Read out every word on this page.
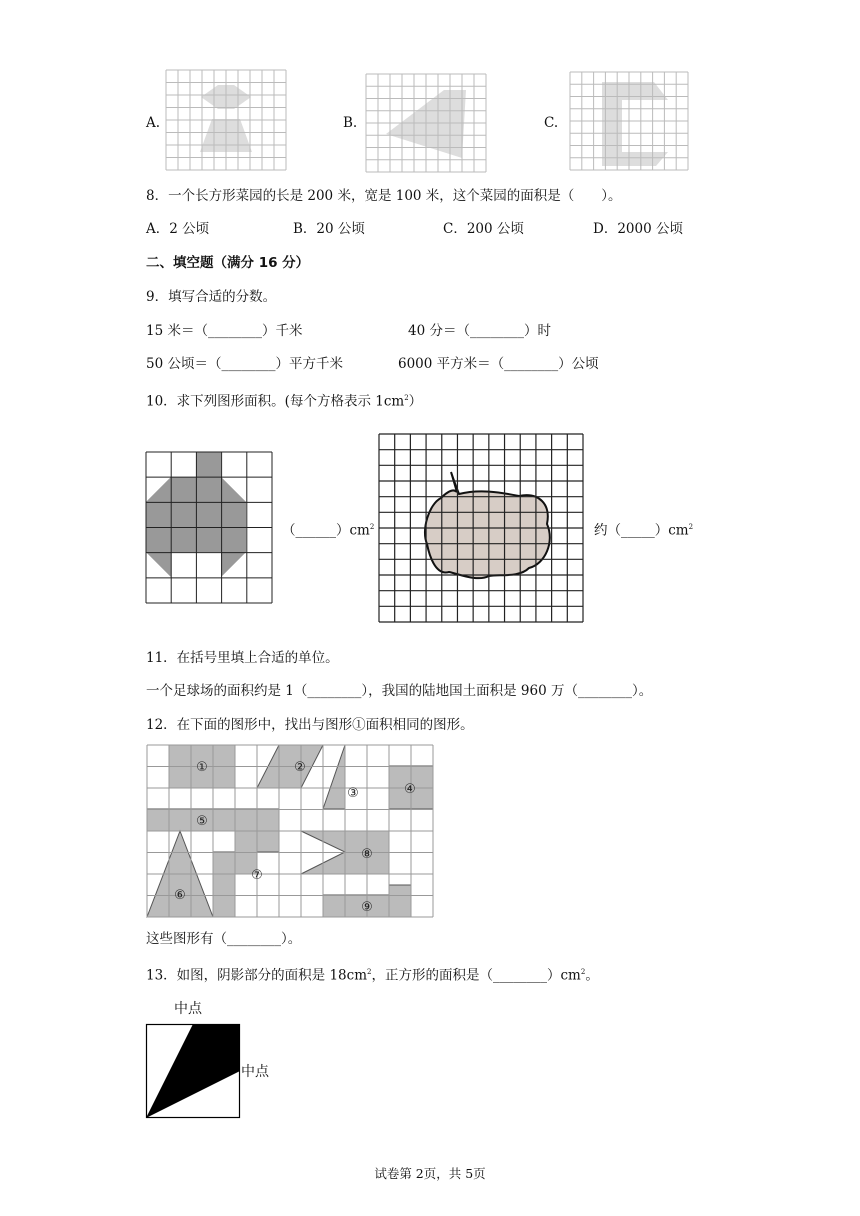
A.	B.	C.
8．一个长方形菜园的长是 200 米，宽是 100 米，这个菜园的面积是（　　）。
A．2 公顷	B．20 公顷	C．200 公顷	D．2000 公顷
二、填空题（满分 16 分）
9．填写合适的分数。
15 米＝（________）千米	40 分＝（________）时
50 公顷＝（________）平方千米	6000 平方米＝（________）公顷
10．求下列图形面积。(每个方格表示 $1cm^2$）
$(\_\_\_\_\_\_)cm^2$	约$(\_\_\_\_\_)cm^2$
11．在括号里填上合适的单位。
一个足球场的面积约是 1（________），我国的陆地国土面积是 960 万（________）。
12．在下面的图形中，找出与图形①面积相同的图形。
①	②
③	④
⑤
⑥
⑦
⑧
⑨
这些图形有（________）。
13．如图，阴影部分的面积是 $18cm^2$，正方形的面积是$(\_\_\_\_\_\_\_\_)cm^2$。
中点
中点
试卷第 2页，共 5页
